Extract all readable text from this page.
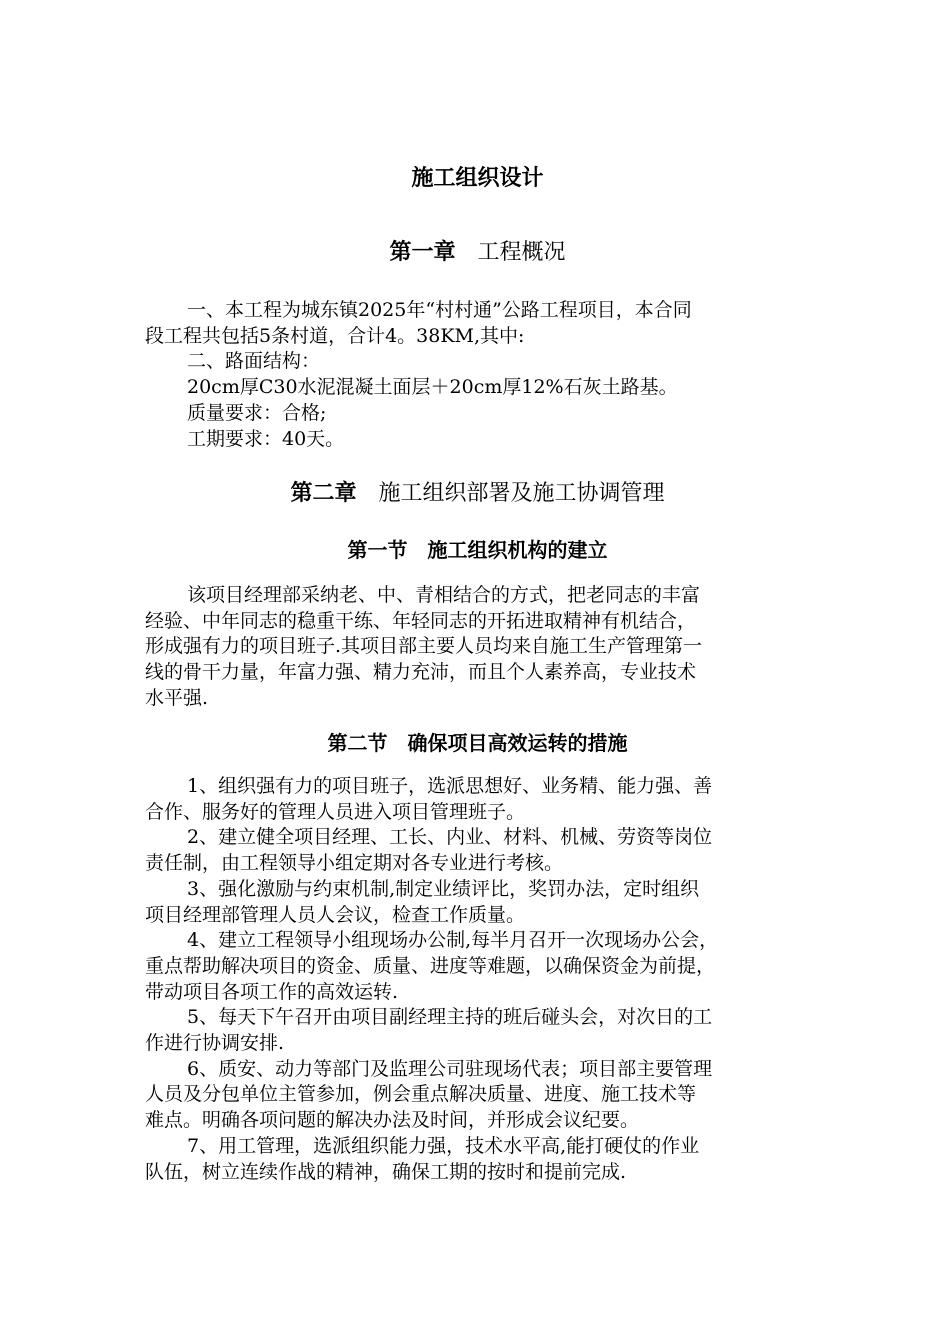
施工组织设计
第一章 工程概况
一、本工程为城东镇2025年“村村通”公路工程项目，本合同
段工程共包括5条村道，合计4。38KM,其中:
二、路面结构：
20cm厚C30水泥混凝土面层＋20cm厚12%石灰土路基。
质量要求：合格;
工期要求：40天。
第二章 施工组织部署及施工协调管理
第一节 施工组织机构的建立
该项目经理部采纳老、中、青相结合的方式，把老同志的丰富
经验、中年同志的稳重干练、年轻同志的开拓进取精神有机结合，
形成强有力的项目班子.其项目部主要人员均来自施工生产管理第一
线的骨干力量，年富力强、精力充沛，而且个人素养高，专业技术
水平强.
第二节 确保项目高效运转的措施
1、组织强有力的项目班子，选派思想好、业务精、能力强、善
合作、服务好的管理人员进入项目管理班子。
2、建立健全项目经理、工长、内业、材料、机械、劳资等岗位
责任制，由工程领导小组定期对各专业进行考核。
3、强化激励与约束机制,制定业绩评比，奖罚办法，定时组织
项目经理部管理人员人会议，检查工作质量。
4、建立工程领导小组现场办公制,每半月召开一次现场办公会，
重点帮助解决项目的资金、质量、进度等难题，以确保资金为前提，
带动项目各项工作的高效运转.
5、每天下午召开由项目副经理主持的班后碰头会，对次日的工
作进行协调安排.
6、质安、动力等部门及监理公司驻现场代表；项目部主要管理
人员及分包单位主管参加，例会重点解决质量、进度、施工技术等
难点。明确各项问题的解决办法及时间，并形成会议纪要。
7、用工管理，选派组织能力强，技术水平高,能打硬仗的作业
队伍，树立连续作战的精神，确保工期的按时和提前完成.
